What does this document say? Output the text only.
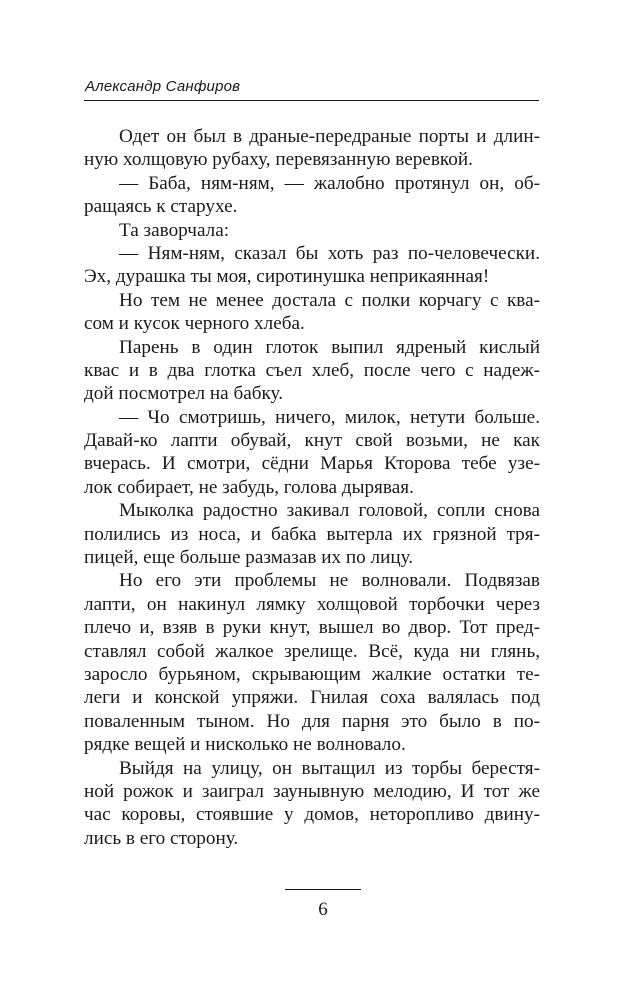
Александр Санфиров
Одет он был в драные-передраные порты и длин-
ную холщовую рубаху, перевязанную веревкой.
— Баба, ням-ням, — жалобно протянул он, об-
ращаясь к старухе.
Та заворчала:
— Ням-ням, сказал бы хоть раз по-человечески.
Эх, дурашка ты моя, сиротинушка неприкаянная!
Но тем не менее достала с полки корчагу с ква-
сом и кусок черного хлеба.
Парень в один глоток выпил ядреный кислый
квас и в два глотка съел хлеб, после чего с надеж-
дой посмотрел на бабку.
— Чо смотришь, ничего, милок, нетути больше.
Давай-ко лапти обувай, кнут свой возьми, не как
вчерась. И смотри, сёдни Марья Кторова тебе узе-
лок собирает, не забудь, голова дырявая.
Мыколка радостно закивал головой, сопли снова
полились из носа, и бабка вытерла их грязной тря-
пицей, еще больше размазав их по лицу.
Но его эти проблемы не волновали. Подвязав
лапти, он накинул лямку холщовой торбочки через
плечо и, взяв в руки кнут, вышел во двор. Тот пред-
ставлял собой жалкое зрелище. Всё, куда ни глянь,
заросло бурьяном, скрывающим жалкие остатки те-
леги и конской упряжи. Гнилая соха валялась под
поваленным тыном. Но для парня это было в по-
рядке вещей и нисколько не волновало.
Выйдя на улицу, он вытащил из торбы берестя-
ной рожок и заиграл заунывную мелодию, И тот же
час коровы, стоявшие у домов, неторопливо двину-
лись в его сторону.
6
